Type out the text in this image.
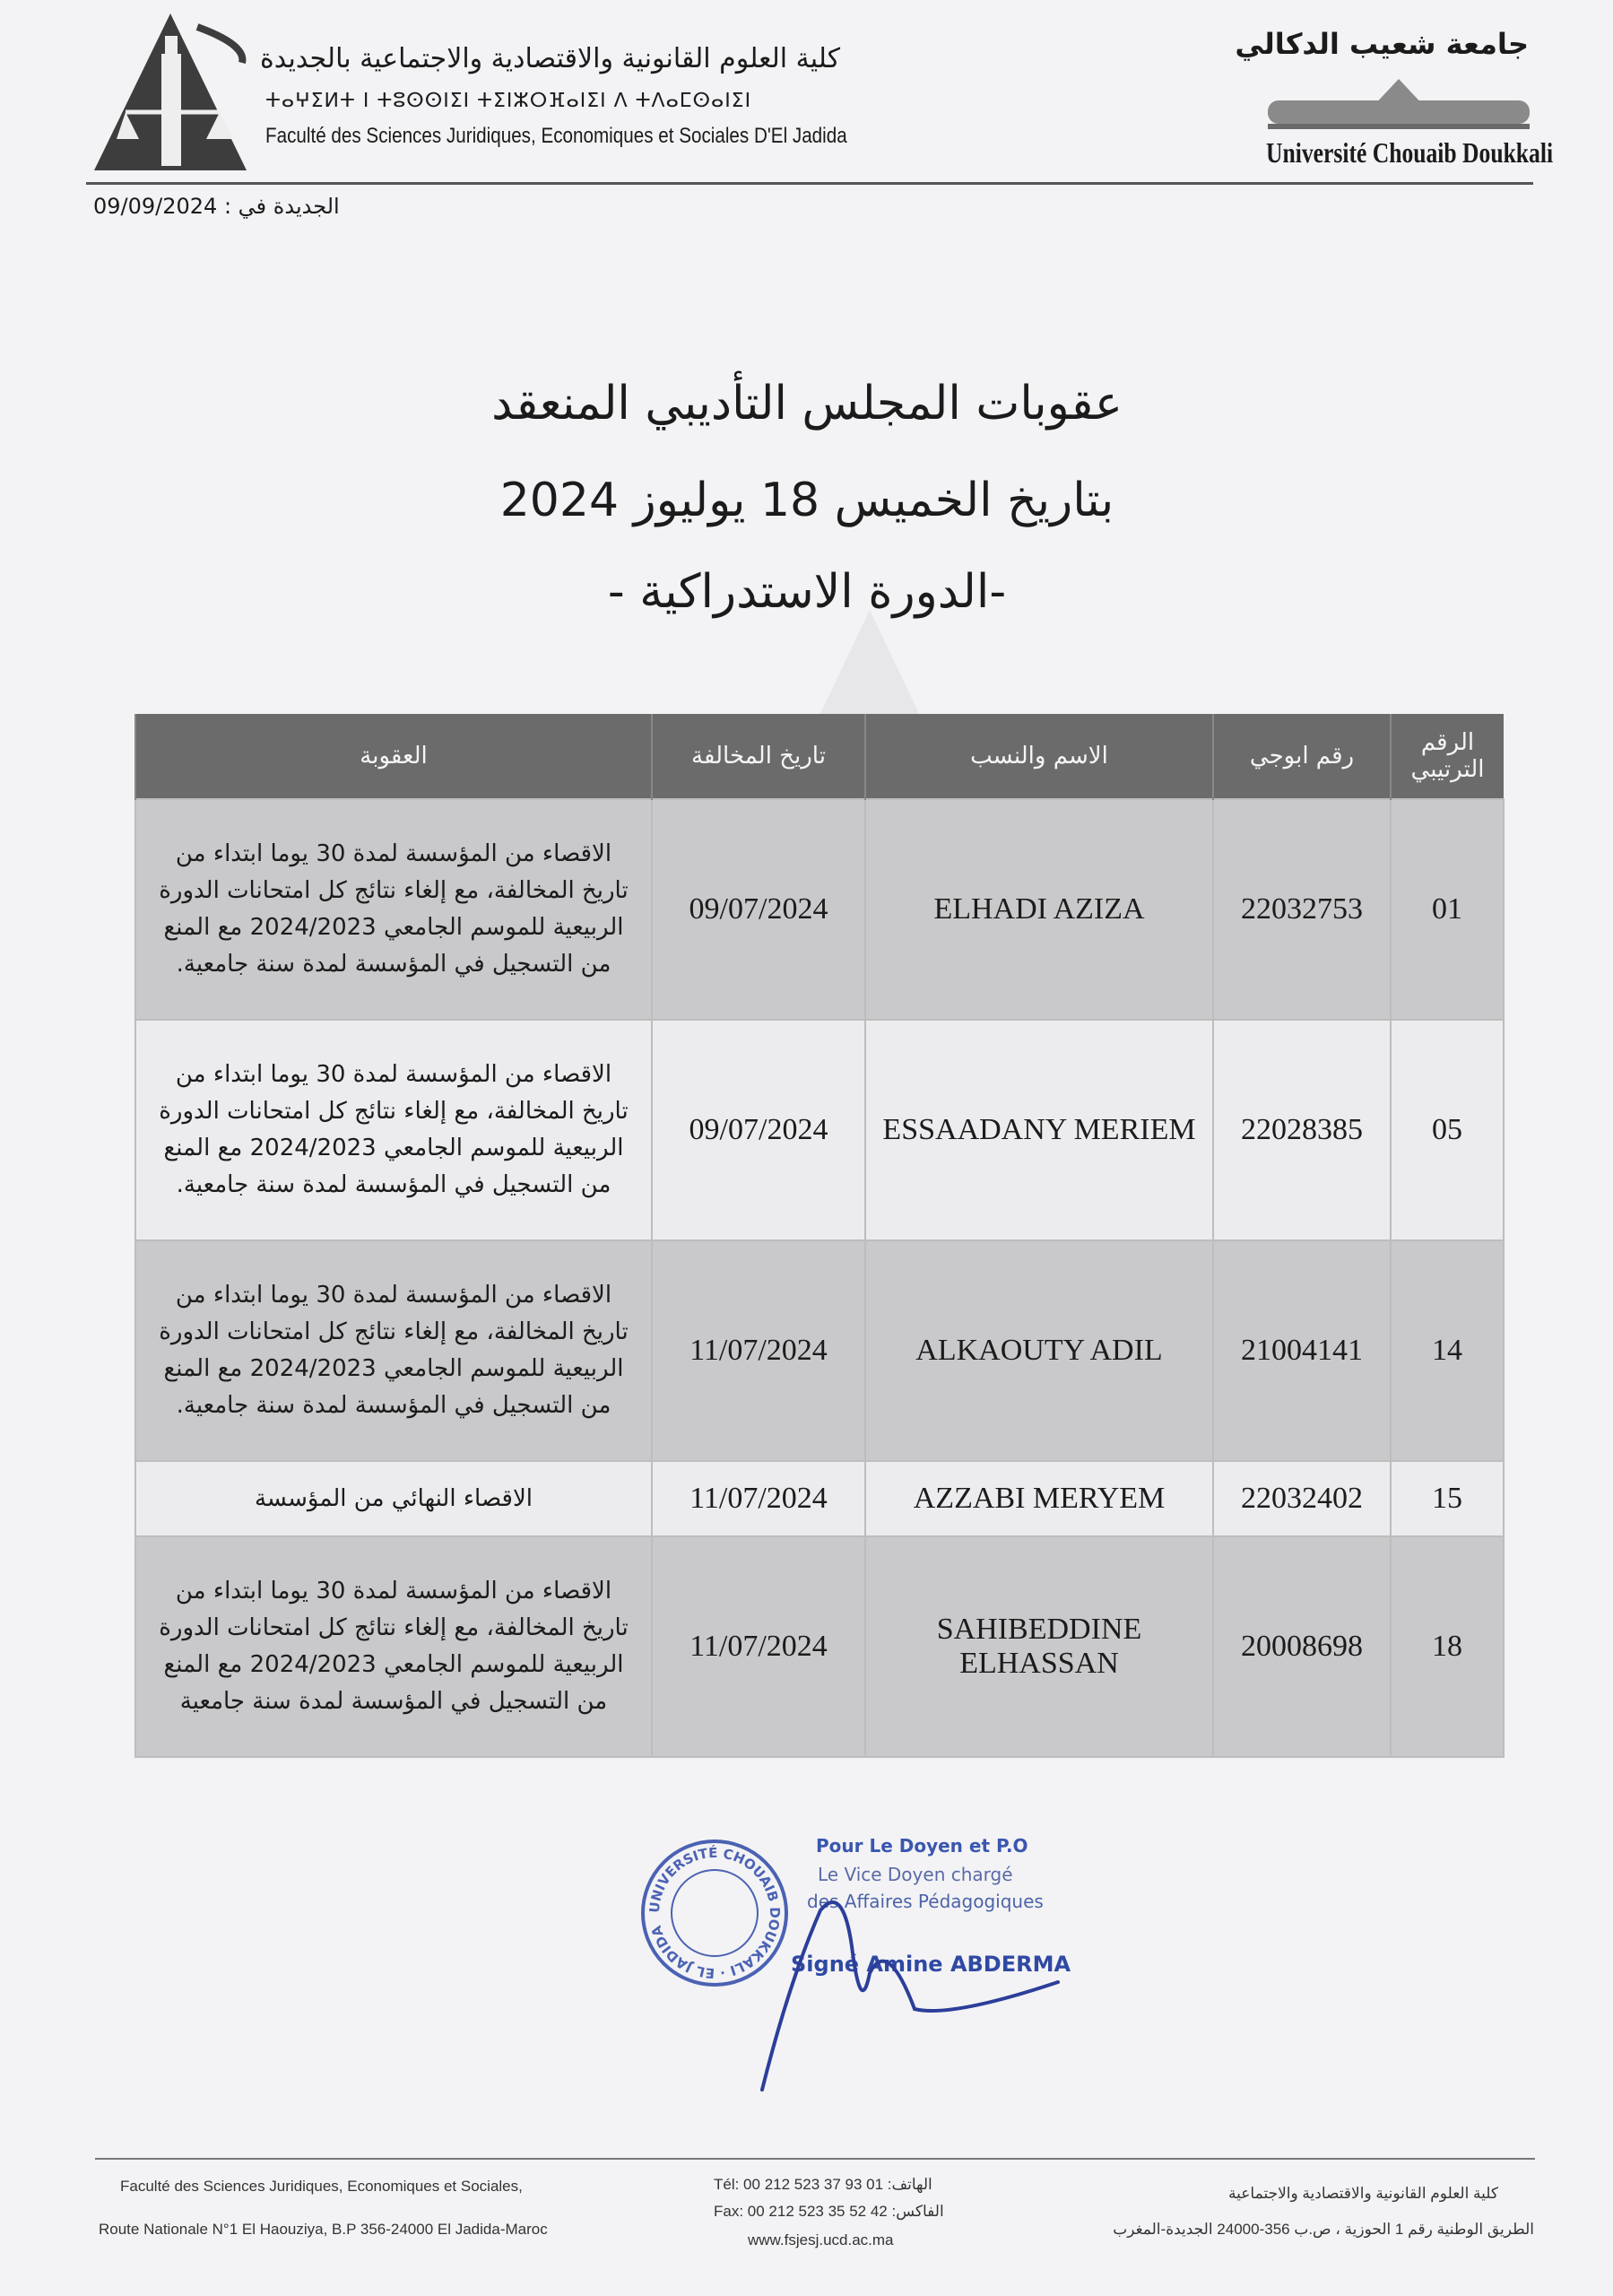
كلية العلوم القانونية والاقتصادية والاجتماعية بالجديدة
ⵜⴰⵖⵉⵍⵜ ⵏ ⵜⵓⵙⵙⵏⵉⵏ ⵜⵉⵏⵣⵔⴼⴰⵏⵉⵏ ⴷ ⵜⴷⴰⵎⵙⴰⵏⵉⵏ
Faculté des Sciences Juridiques, Economiques et Sociales D'El Jadida
جامعة شعيب الدكالي
Université Chouaib Doukkali
الجديدة في : 09/09/2024
عقوبات المجلس التأديبي المنعقد
بتاريخ الخميس 18 يوليوز 2024
-الدورة الاستدراكية -
الرقم الترتيبي	رقم ابوجي	الاسم والنسب	تاريخ المخالفة	العقوبة
01	22032753	ELHADI AZIZA	09/07/2024	الاقصاء من المؤسسة لمدة 30 يوما ابتداء من تاريخ المخالفة، مع إلغاء نتائج كل امتحانات الدورة الربيعية للموسم الجامعي 2024/2023 مع المنع من التسجيل في المؤسسة لمدة سنة جامعية.
05	22028385	ESSAADANY MERIEM	09/07/2024	الاقصاء من المؤسسة لمدة 30 يوما ابتداء من تاريخ المخالفة، مع إلغاء نتائج كل امتحانات الدورة الربيعية للموسم الجامعي 2024/2023 مع المنع من التسجيل في المؤسسة لمدة سنة جامعية.
14	21004141	ALKAOUTY ADIL	11/07/2024	الاقصاء من المؤسسة لمدة 30 يوما ابتداء من تاريخ المخالفة، مع إلغاء نتائج كل امتحانات الدورة الربيعية للموسم الجامعي 2024/2023 مع المنع من التسجيل في المؤسسة لمدة سنة جامعية.
15	22032402	AZZABI MERYEM	11/07/2024	الاقصاء النهائي من المؤسسة
18	20008698	SAHIBEDDINE ELHASSAN	11/07/2024	الاقصاء من المؤسسة لمدة 30 يوما ابتداء من تاريخ المخالفة، مع إلغاء نتائج كل امتحانات الدورة الربيعية للموسم الجامعي 2024/2023 مع المنع من التسجيل في المؤسسة لمدة سنة جامعية
UNIVERSITÉ CHOUAIB DOUKKALI · EL JADIDA
Pour Le Doyen et P.O
Le Vice Doyen chargé
des Affaires Pédagogiques
Signé Amine ABDERMA
Faculté des Sciences Juridiques, Economiques et Sociales,
Route Nationale N°1 El Haouziya, B.P 356-24000 El Jadida-Maroc
Tél: 00 212 523 37 93 01 :الهاتف
Fax: 00 212 523 35 52 42 :الفاكس
www.fsjesj.ucd.ac.ma
كلية العلوم القانونية والاقتصادية والاجتماعية
الطريق الوطنية رقم 1 الحوزية ، ص.ب 356-24000 الجديدة-المغرب
